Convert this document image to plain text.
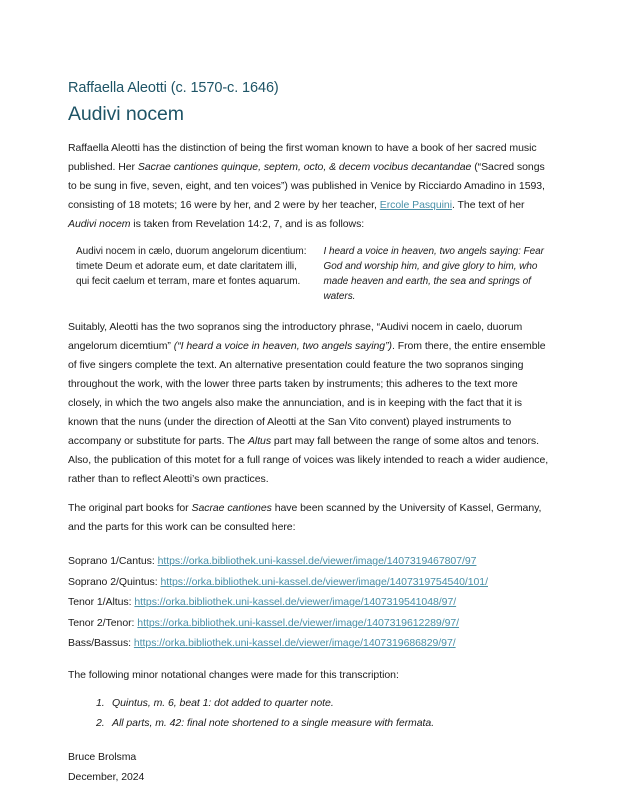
Raffaella Aleotti (c. 1570-c. 1646)
Audivi nocem

Raffaella Aleotti has the distinction of being the first woman known to have a book of her sacred music published. Her Sacrae cantiones quinque, septem, octo, & decem vocibus decantandae (“Sacred songs to be sung in five, seven, eight, and ten voices”) was published in Venice by Ricciardo Amadino in 1593, consisting of 18 motets; 16 were by her, and 2 were by her teacher, Ercole Pasquini. The text of her Audivi nocem is taken from Revelation 14:2, 7, and is as follows:

Audivi nocem in cælo, duorum angelorum dicentium: timete Deum et adorate eum, et date claritatem illi, qui fecit caelum et terram, mare et fontes aquarum.
I heard a voice in heaven, two angels saying: Fear God and worship him, and give glory to him, who made heaven and earth, the sea and springs of waters.

Suitably, Aleotti has the two sopranos sing the introductory phrase, “Audivi nocem in caelo, duorum angelorum dicemtium” (“I heard a voice in heaven, two angels saying”). From there, the entire ensemble of five singers complete the text. An alternative presentation could feature the two sopranos singing throughout the work, with the lower three parts taken by instruments; this adheres to the text more closely, in which the two angels also make the annunciation, and is in keeping with the fact that it is known that the nuns (under the direction of Aleotti at the San Vito convent) played instruments to accompany or substitute for parts. The Altus part may fall between the range of some altos and tenors. Also, the publication of this motet for a full range of voices was likely intended to reach a wider audience, rather than to reflect Aleotti’s own practices.

The original part books for Sacrae cantiones have been scanned by the University of Kassel, Germany, and the parts for this work can be consulted here:

Soprano 1/Cantus: https://orka.bibliothek.uni-kassel.de/viewer/image/1407319467807/97
Soprano 2/Quintus: https://orka.bibliothek.uni-kassel.de/viewer/image/1407319754540/101/
Tenor 1/Altus: https://orka.bibliothek.uni-kassel.de/viewer/image/1407319541048/97/
Tenor 2/Tenor: https://orka.bibliothek.uni-kassel.de/viewer/image/1407319612289/97/
Bass/Bassus: https://orka.bibliothek.uni-kassel.de/viewer/image/1407319686829/97/

The following minor notational changes were made for this transcription:

1. Quintus, m. 6, beat 1: dot added to quarter note.
2. All parts, m. 42: final note shortened to a single measure with fermata.

Bruce Brolsma

December, 2024
